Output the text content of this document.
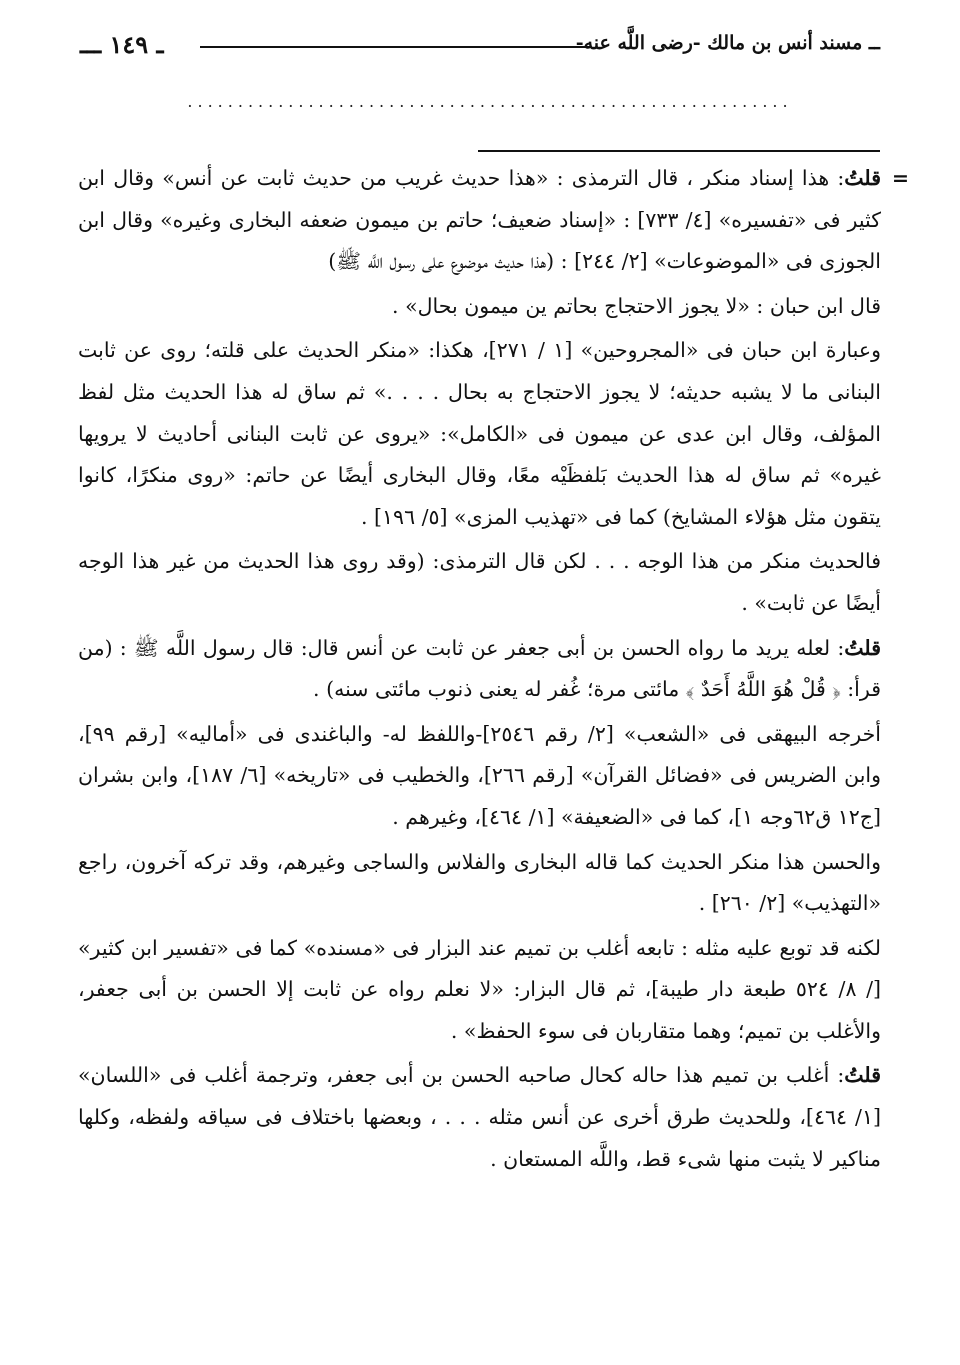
ــ مسند أنس بن مالك -رضى اللَّه عنه-
ـ ١٤٩ ـــ
............................................................

=
قلتُ: هذا إسناد منكر ، قال الترمذى : «هذا حديث غريب من حديث ثابت عن أنس» وقال ابن كثير فى «تفسيره» [٤/ ٧٣٣] : «إسناد ضعيف؛ حاتم بن ميمون ضعفه البخارى وغيره» وقال ابن الجوزى فى «الموضوعات» [٢/ ٢٤٤] : (هذا حديث موضوع على رسول اللَّه ﷺ)

قال ابن حبان : «لا يجوز الاحتجاج بحاتم ين ميمون بحال» .

وعبارة ابن حبان فى «المجروحين» [١ / ٢٧١]، هكذا: «منكر الحديث على قلته؛ روى عن ثابت البنانى ما لا يشبه حديثه؛ لا يجوز الاحتجاج به بحال . . . .» ثم ساق له هذا الحديث مثل لفظ المؤلف، وقال ابن عدى عن ميمون فى «الكامل»: «يروى عن ثابت البنانى أحاديث لا يرويها غيره» ثم ساق له هذا الحديث بَلفظَيْه معًا، وقال البخارى أيضًا عن حاتم: «روى منكرًا، كانوا يتقون مثل هؤلاء المشايخ) كما فى «تهذيب المزى» [٥/ ١٩٦] .

فالحديث منكر من هذا الوجه . . . لكن قال الترمذى: (وقد روى هذا الحديث من غير هذا الوجه أيضًا عن ثابت» .

قلتُ: لعله يريد ما رواه الحسن بن أبى جعفر عن ثابت عن أنس قال: قال رسول اللَّه ﷺ : (من قرأ: ﴿ قُلْ هُوَ اللَّهُ أَحَدٌ ﴾ مائتى مرة؛ غُفر له يعنى ذنوب مائتى سنه) .

أخرجه البيهقى فى «الشعب» [٢/ رقم ٢٥٤٦]-واللفظ له- والباغندى فى «أماليه» [رقم ٩٩]، وابن الضريس فى «فضائل القرآن» [رقم ٢٦٦]، والخطيب فى «تاريخه» [٦/ ١٨٧]، وابن بشران [ج١٢ ق٦٢وجه ١]، كما فى «الضعيفة» [١/ ٤٦٤]، وغيرهم .

والحسن هذا منكر الحديث كما قاله البخارى والفلاس والساجى وغيرهم، وقد تركه آخرون، راجع «التهذيب» [٢/ ٢٦٠] .

لكنه قد توبع عليه مثله : تابعه أغلب بن تميم عند البزار فى «مسنده» كما فى «تفسير ابن كثير» [/ ٨/ ٥٢٤ طبعة دار طيبة]، ثم قال البزار: «لا نعلم رواه عن ثابت إلا الحسن بن أبى جعفر، والأغلب بن تميم؛ وهما متقاربان فى سوء الحفظ» .

قلتُ: أغلب بن تميم هذا حاله كحال صاحبه الحسن بن أبى جعفر، وترجمة أغلب فى «اللسان» [١/ ٤٦٤]، وللحديث طرق أخرى عن أنس مثله . . . ، وبعضها باختلاف فى سياقه ولفظه، وكلها مناكير لا يثبت منها شىء قط، واللَّه المستعان .
